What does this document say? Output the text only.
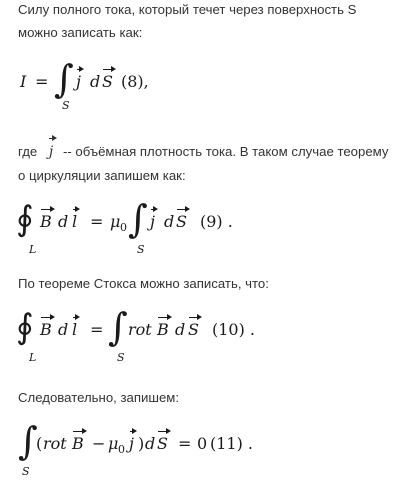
Силу полного тока, который течет через поверхность S можно записать как:

I = ∫
S
j d S (8),

где j -- объёмная плотность тока. В таком случае теорему о циркуляции запишем как:

∮
L
B d l = μ 0 ∫
S
j d S (9) .

По теореме Стокса можно записать, что:

∮
L
B d l = ∫
S
rot B d S (10) .

Следовательно, запишем:

∫
S
( rot B − μ 0 j ) d S = 0 (11) .
